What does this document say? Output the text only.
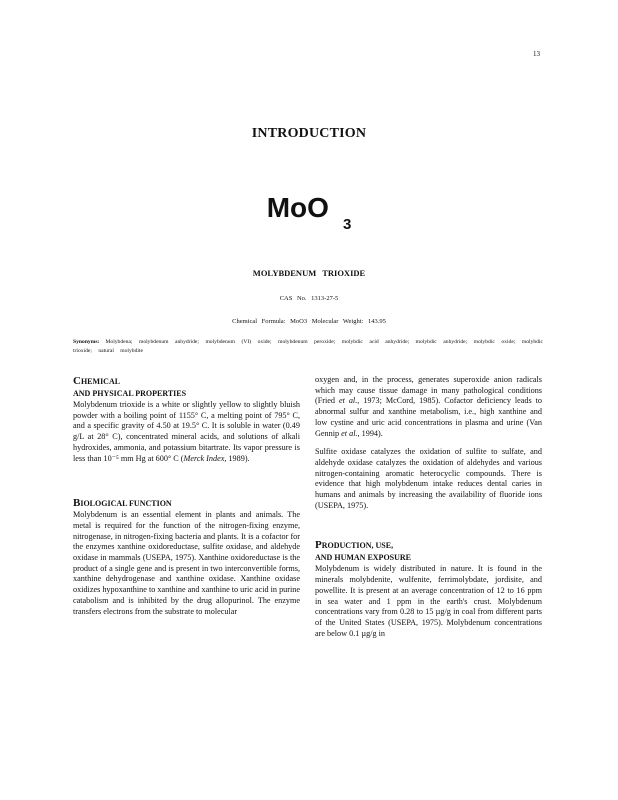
13
INTRODUCTION
MoO$_3$
MOLYBDENUM TRIOXIDE
CAS No. 1313-27-5
Chemical Formula: MoO3 Molecular Weight: 143.95
Synonyms: Molybdena; molybdenum anhydride; molybdenum (VI) oxide; molybdenum peroxide; molybdic acid anhydride; molybdic anhydride; molybdic oxide; molybdic trioxide; natural molybdite
CHEMICAL
AND PHYSICAL PROPERTIES

Molybdenum trioxide is a white or slightly yellow to slightly bluish powder with a boiling point of 1155° C, a melting point of 795° C, and a specific gravity of 4.50 at 19.5° C. It is soluble in water (0.49 g/L at 28° C), concentrated mineral acids, and solutions of alkali hydroxides, ammonia, and potassium bitartrate. Its vapor pressure is less than 10⁻⁵ mm Hg at 600° C (Merck Index, 1989).

BIOLOGICAL FUNCTION

Molybdenum is an essential element in plants and animals. The metal is required for the function of the nitrogen-fixing enzyme, nitrogenase, in nitrogen-fixing bacteria and plants. It is a cofactor for the enzymes xanthine oxidoreductase, sulfite oxidase, and aldehyde oxidase in mammals (USEPA, 1975). Xanthine oxidoreductase is the product of a single gene and is present in two interconvertible forms, xanthine dehydrogenase and xanthine oxidase. Xanthine oxidase oxidizes hypoxanthine to xanthine and xanthine to uric acid in purine catabolism and is inhibited by the drug allopurinol. The enzyme transfers electrons from the substrate to molecular

oxygen and, in the process, generates superoxide anion radicals which may cause tissue damage in many pathological conditions (Fried et al., 1973; McCord, 1985). Cofactor deficiency leads to abnormal sulfur and xanthine metabolism, i.e., high xanthine and low cystine and uric acid concentrations in plasma and urine (Van Gennip et al., 1994).

Sulfite oxidase catalyzes the oxidation of sulfite to sulfate, and aldehyde oxidase catalyzes the oxidation of aldehydes and various nitrogen-containing aromatic heterocyclic compounds. There is evidence that high molybdenum intake reduces dental caries in humans and animals by increasing the availability of fluoride ions (USEPA, 1975).

PRODUCTION, USE,
AND HUMAN EXPOSURE

Molybdenum is widely distributed in nature. It is found in the minerals molybdenite, wulfenite, ferrimolybdate, jordisite, and powellite. It is present at an average concentration of 12 to 16 ppm in sea water and 1 ppm in the earth's crust. Molybdenum concentrations vary from 0.28 to 15 µg/g in coal from different parts of the United States (USEPA, 1975). Molybdenum concentrations are below 0.1 µg/g in
